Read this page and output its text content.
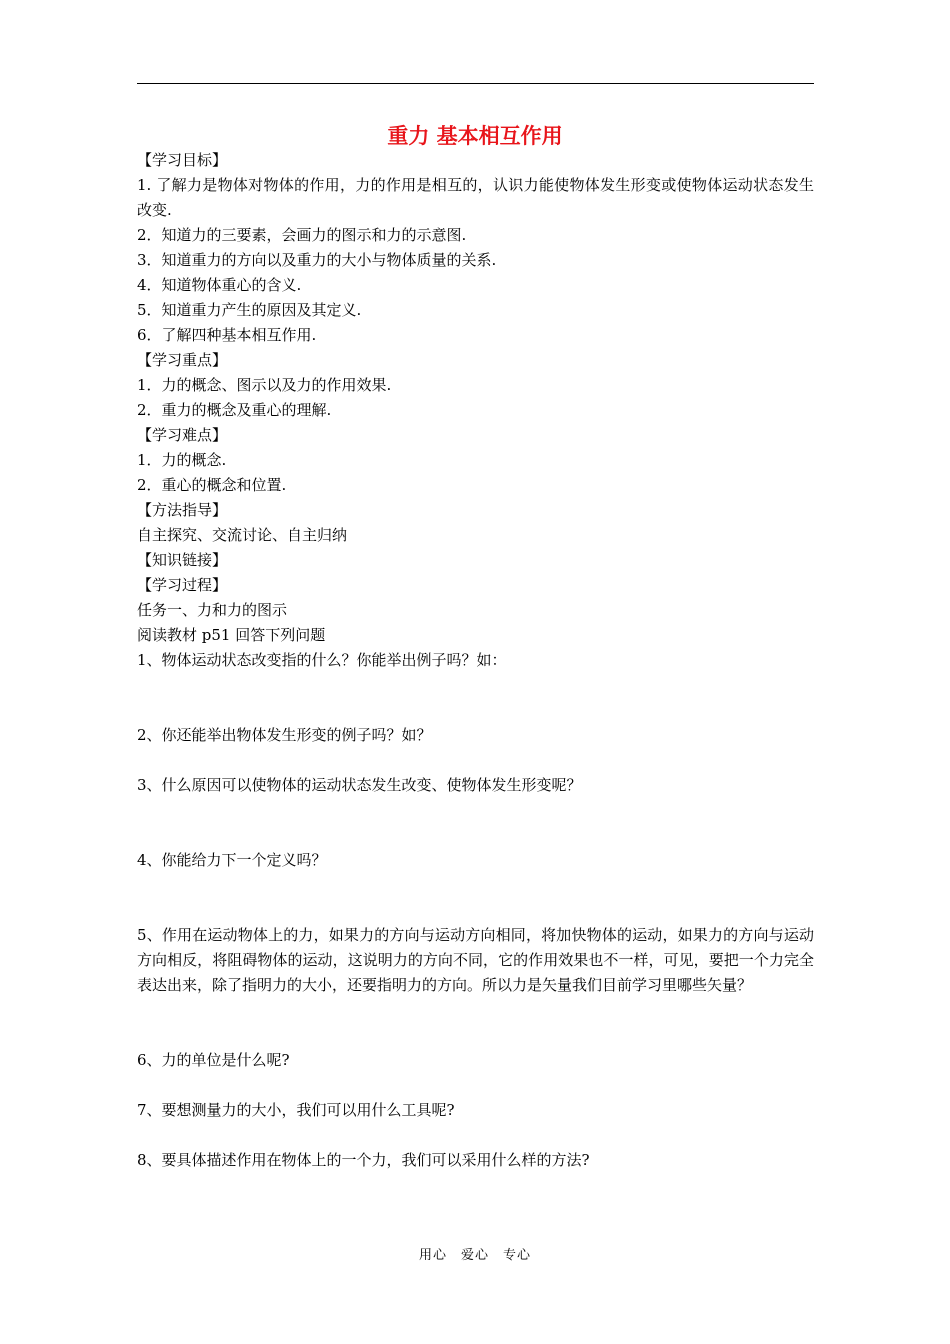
重力 基本相互作用
【学习目标】
1. 了解力是物体对物体的作用，力的作用是相互的，认识力能使物体发生形变或使物体运动状态发生改变.
2．知道力的三要素，会画力的图示和力的示意图.
3．知道重力的方向以及重力的大小与物体质量的关系.
4．知道物体重心的含义.
5．知道重力产生的原因及其定义.
6．了解四种基本相互作用.
【学习重点】
1．力的概念、图示以及力的作用效果.
2．重力的概念及重心的理解.
【学习难点】
1．力的概念.
2．重心的概念和位置.
【方法指导】
自主探究、交流讨论、自主归纳
【知识链接】
【学习过程】
任务一、力和力的图示
阅读教材 p51 回答下列问题
1、物体运动状态改变指的什么？你能举出例子吗？如：
2、你还能举出物体发生形变的例子吗？如？
3、什么原因可以使物体的运动状态发生改变、使物体发生形变呢？
4、你能给力下一个定义吗？
5、作用在运动物体上的力，如果力的方向与运动方向相同，将加快物体的运动，如果力的方向与运动方向相反，将阻碍物体的运动，这说明力的方向不同，它的作用效果也不一样，可见，要把一个力完全表达出来，除了指明力的大小，还要指明力的方向。所以力是矢量我们目前学习里哪些矢量？
6、力的单位是什么呢?
7、要想测量力的大小，我们可以用什么工具呢?
8、要具体描述作用在物体上的一个力，我们可以采用什么样的方法?
用心　爱心　专心
